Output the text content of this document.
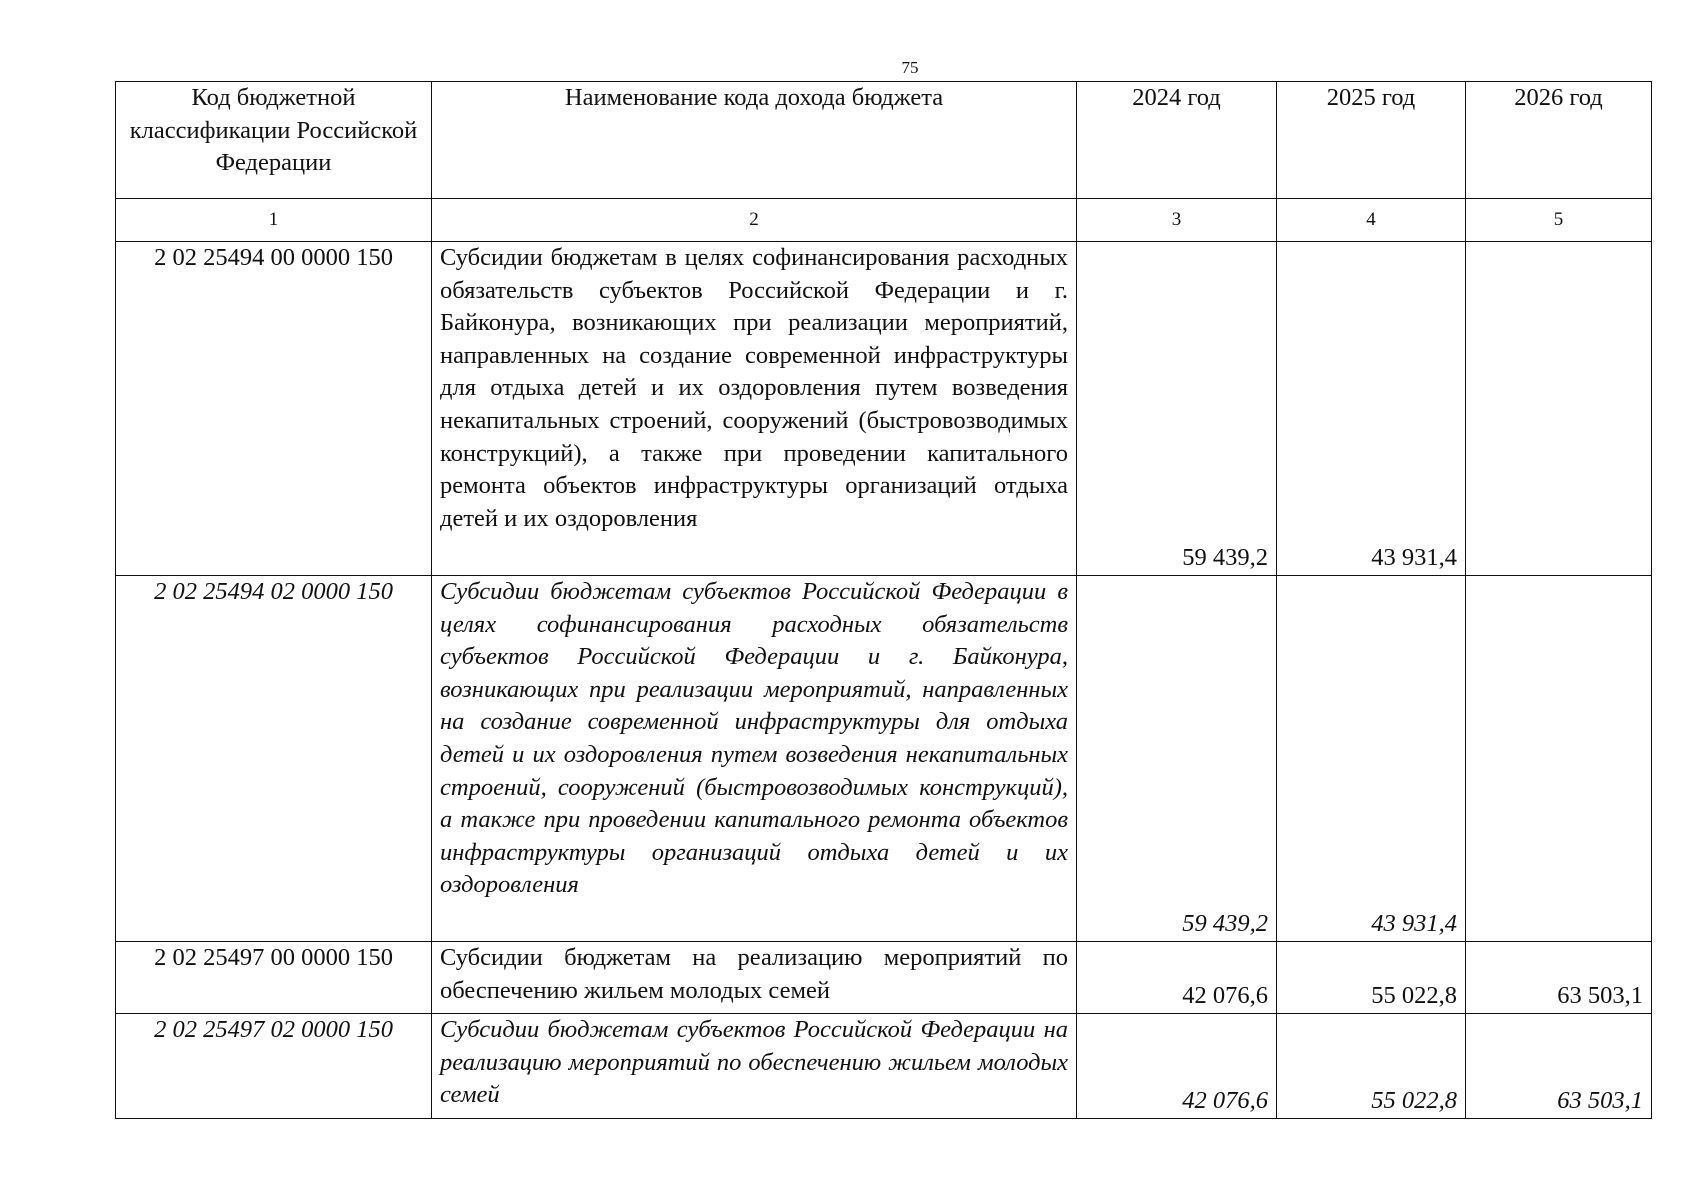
75
Код бюджетной классификации Российской Федерации	Наименование кода дохода бюджета	2024 год	2025 год	2026 год
1	2	3	4	5
2 02 25494 00 0000 150	Субсидии бюджетам в целях софинансирования расходных обязательств субъектов Российской Федерации и г. Байконура, возникающих при реализации мероприятий, направленных на создание современной инфраструктуры для отдыха детей и их оздоровления путем возведения некапитальных строений, сооружений (быстровозводимых конструкций), а также при проведении капитального ремонта объектов инфраструктуры организаций отдыха детей и их оздоровления	59 439,2	43 931,4	
2 02 25494 02 0000 150	Субсидии бюджетам субъектов Российской Федерации в целях софинансирования расходных обязательств субъектов Российской Федерации и г. Байконура, возникающих при реализации мероприятий, направленных на создание современной инфраструктуры для отдыха детей и их оздоровления путем возведения некапитальных строений, сооружений (быстровозводимых конструкций), а также при проведении капитального ремонта объектов инфраструктуры организаций отдыха детей и их оздоровления	59 439,2	43 931,4	
2 02 25497 00 0000 150	Субсидии бюджетам на реализацию мероприятий по обеспечению жильем молодых семей	42 076,6	55 022,8	63 503,1
2 02 25497 02 0000 150	Субсидии бюджетам субъектов Российской Федерации на реализацию мероприятий по обеспечению жильем молодых семей	42 076,6	55 022,8	63 503,1
